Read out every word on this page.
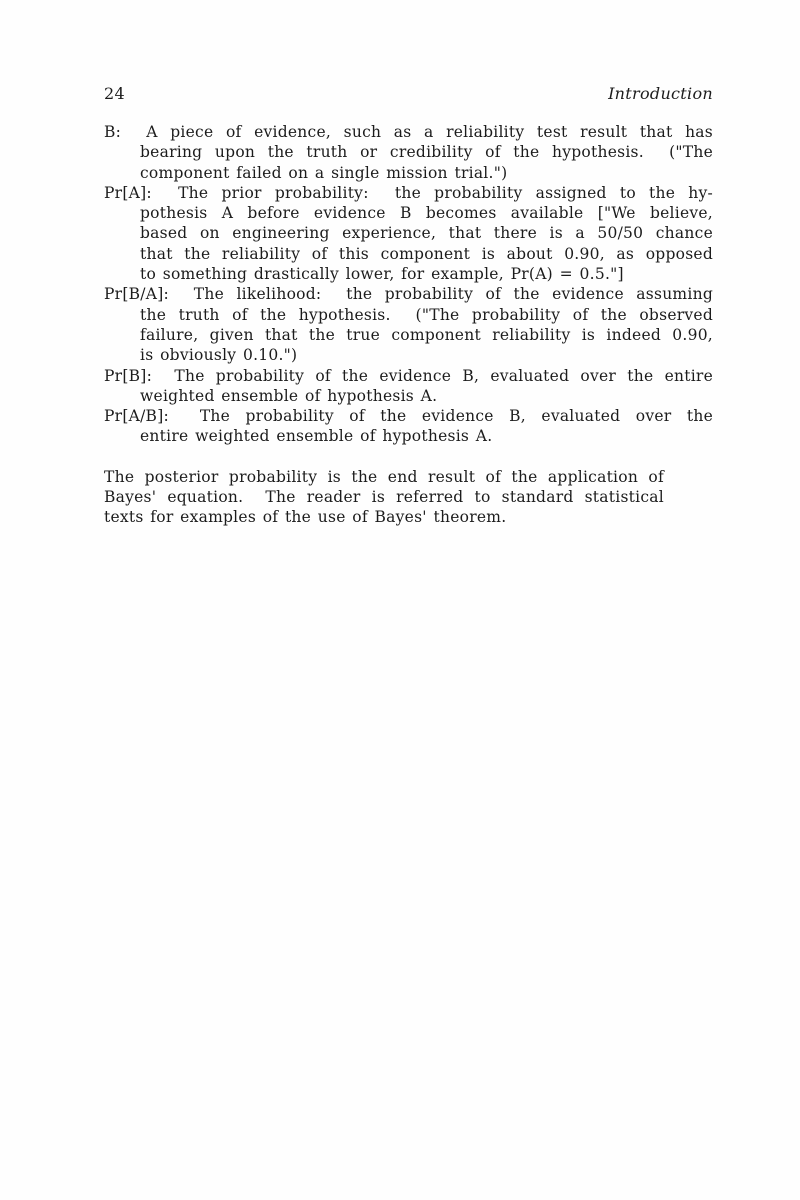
24	Introduction
B:  A piece of evidence, such as a reliability test result that has
bearing upon the truth or credibility of the hypothesis.  ("The
component failed on a single mission trial.")
Pr[A]:  The prior probability:  the probability assigned to the hy-
pothesis A before evidence B becomes available ["We believe,
based on engineering experience, that there is a 50/50 chance
that the reliability of this component is about 0.90, as opposed
to something drastically lower, for example, Pr(A) = 0.5."]
Pr[B/A]:  The likelihood:  the probability of the evidence assuming
the truth of the hypothesis.  ("The probability of the observed
failure, given that the true component reliability is indeed 0.90,
is obviously 0.10.")
Pr[B]:  The probability of the evidence B, evaluated over the entire
weighted ensemble of hypothesis A.
Pr[A/B]:  The probability of the evidence B, evaluated over the
entire weighted ensemble of hypothesis A.
The posterior probability is the end result of the application of
Bayes' equation.  The reader is referred to standard statistical
texts for examples of the use of Bayes' theorem.
